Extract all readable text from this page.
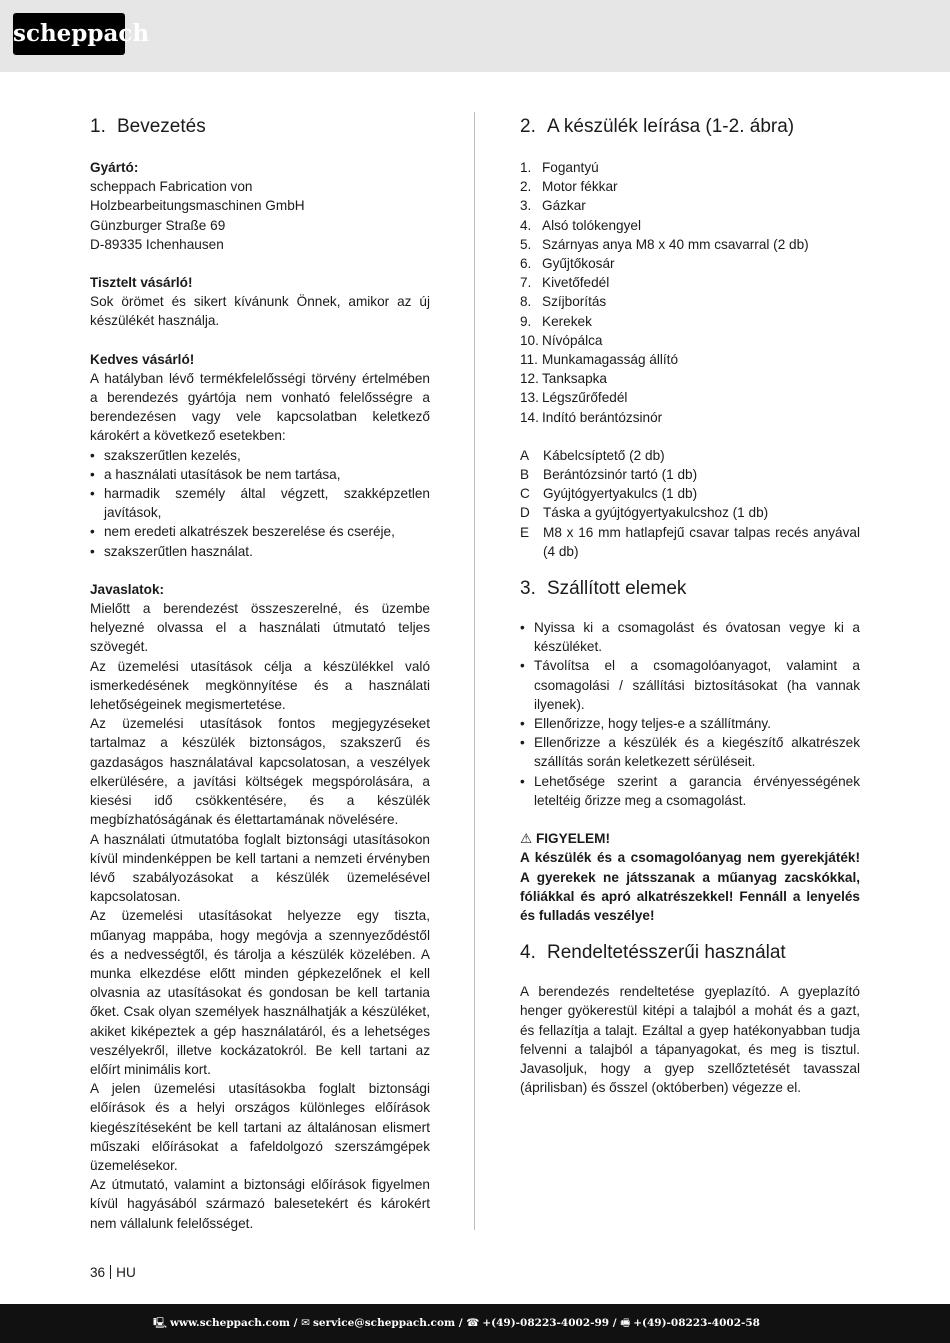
scheppach
1. Bevezetés
Gyártó:
scheppach Fabrication von
Holzbearbeitungsmaschinen GmbH
Günzburger Straße 69
D-89335 Ichenhausen
Tisztelt vásárló!

Sok örömet és sikert kívánunk Önnek, amikor az új készülékét használja.

Kedves vásárló!

A hatályban lévő termékfelelősségi törvény értelmében a berendezés gyártója nem vonható felelősségre a berendezésen vagy vele kapcsolatban keletkező károkért a következő esetekben:

• szakszerűtlen kezelés,
• a használati utasítások be nem tartása,
• harmadik személy által végzett, szakképzetlen javítások,
• nem eredeti alkatrészek beszerelése és cseréje,
• szakszerűtlen használat.
Javaslatok:

Mielőtt a berendezést összeszerelné, és üzembe helyezné olvassa el a használati útmutató teljes szövegét.

Az üzemelési utasítások célja a készülékkel való ismerkedésének megkönnyítése és a használati lehetőségeinek megismertetése.

Az üzemelési utasítások fontos megjegyzéseket tartalmaz a készülék biztonságos, szakszerű és gazdaságos használatával kapcsolatosan, a veszélyek elkerülésére, a javítási költségek megspórolására, a kiesési idő csökkentésére, és a készülék megbízhatóságának és élettartamának növelésére.

A használati útmutatóba foglalt biztonsági utasításokon kívül mindenképpen be kell tartani a nemzeti érvényben lévő szabályozásokat a készülék üzemelésével kapcsolatosan.

Az üzemelési utasításokat helyezze egy tiszta, műanyag mappába, hogy megóvja a szennyeződéstől és a nedvességtől, és tárolja a készülék közelében. A munka elkezdése előtt minden gépkezelőnek el kell olvasnia az utasításokat és gondosan be kell tartania őket. Csak olyan személyek használhatják a készüléket, akiket kiképeztek a gép használatáról, és a lehetséges veszélyekről, illetve kockázatokról. Be kell tartani az előírt minimális kort.

A jelen üzemelési utasításokba foglalt biztonsági előírások és a helyi országos különleges előírások kiegészítéseként be kell tartani az általánosan elismert műszaki előírásokat a fafeldolgozó szerszámgépek üzemelésekor.

Az útmutató, valamint a biztonsági előírások figyelmen kívül hagyásából származó balesetekért és károkért nem vállalunk felelősséget.

2. A készülék leírása (1-2. ábra)
1. Fogantyú
2. Motor fékkar
3. Gázkar
4. Alsó tolókengyel
5. Szárnyas anya M8 x 40 mm csavarral (2 db)
6. Gyűjtőkosár
7. Kivetőfedél
8. Szíjborítás
9. Kerekek
10. Nívópálca
11. Munkamagasság állító
12. Tanksapka
13. Légszűrőfedél
14. Indító berántózsinór
A	Kábelcsíptető (2 db)
B	Berántózsinór tartó (1 db)
C Gyújtógyertyakulcs (1 db)
D Táska a gyújtógyertyakulcshoz (1 db)
E	M8 x 16 mm hatlapfejű csavar talpas recés anyával (4 db)
3. Szállított elemek
• Nyissa ki a csomagolást és óvatosan vegye ki a készüléket.
• Távolítsa el a csomagolóanyagot, valamint a csomagolási / szállítási biztosításokat (ha vannak ilyenek).
• Ellenőrizze, hogy teljes-e a szállítmány.
• Ellenőrizze a készülék és a kiegészítő alkatrészek szállítás során keletkezett sérüléseit.
• Lehetősége szerint a garancia érvényességének leteltéig őrizze meg a csomagolást.
⚠ FIGYELEM!

A készülék és a csomagolóanyag nem gyerekjáték! A gyerekek ne játsszanak a műanyag zacskókkal, fóliákkal és apró alkatrészekkel! Fennáll a lenyelés és fulladás veszélye!

4. Rendeltetésszerűi használat

A berendezés rendeltetése gyeplazító. A gyeplazító henger gyökerestül kitépi a talajból a mohát és a gazt, és fellazítja a talajt. Ezáltal a gyep hatékonyabban tudja felvenni a talajból a tápanyagokat, és meg is tisztul. Javasoljuk, hogy a gyep szellőztetését tavasszal (áprilisban) és ősszel (októberben) végezze el.

36 HU
🖳 www.scheppach.com / ✉ service@scheppach.com / ☎ +(49)-08223-4002-99 / 🖷 +(49)-08223-4002-58
